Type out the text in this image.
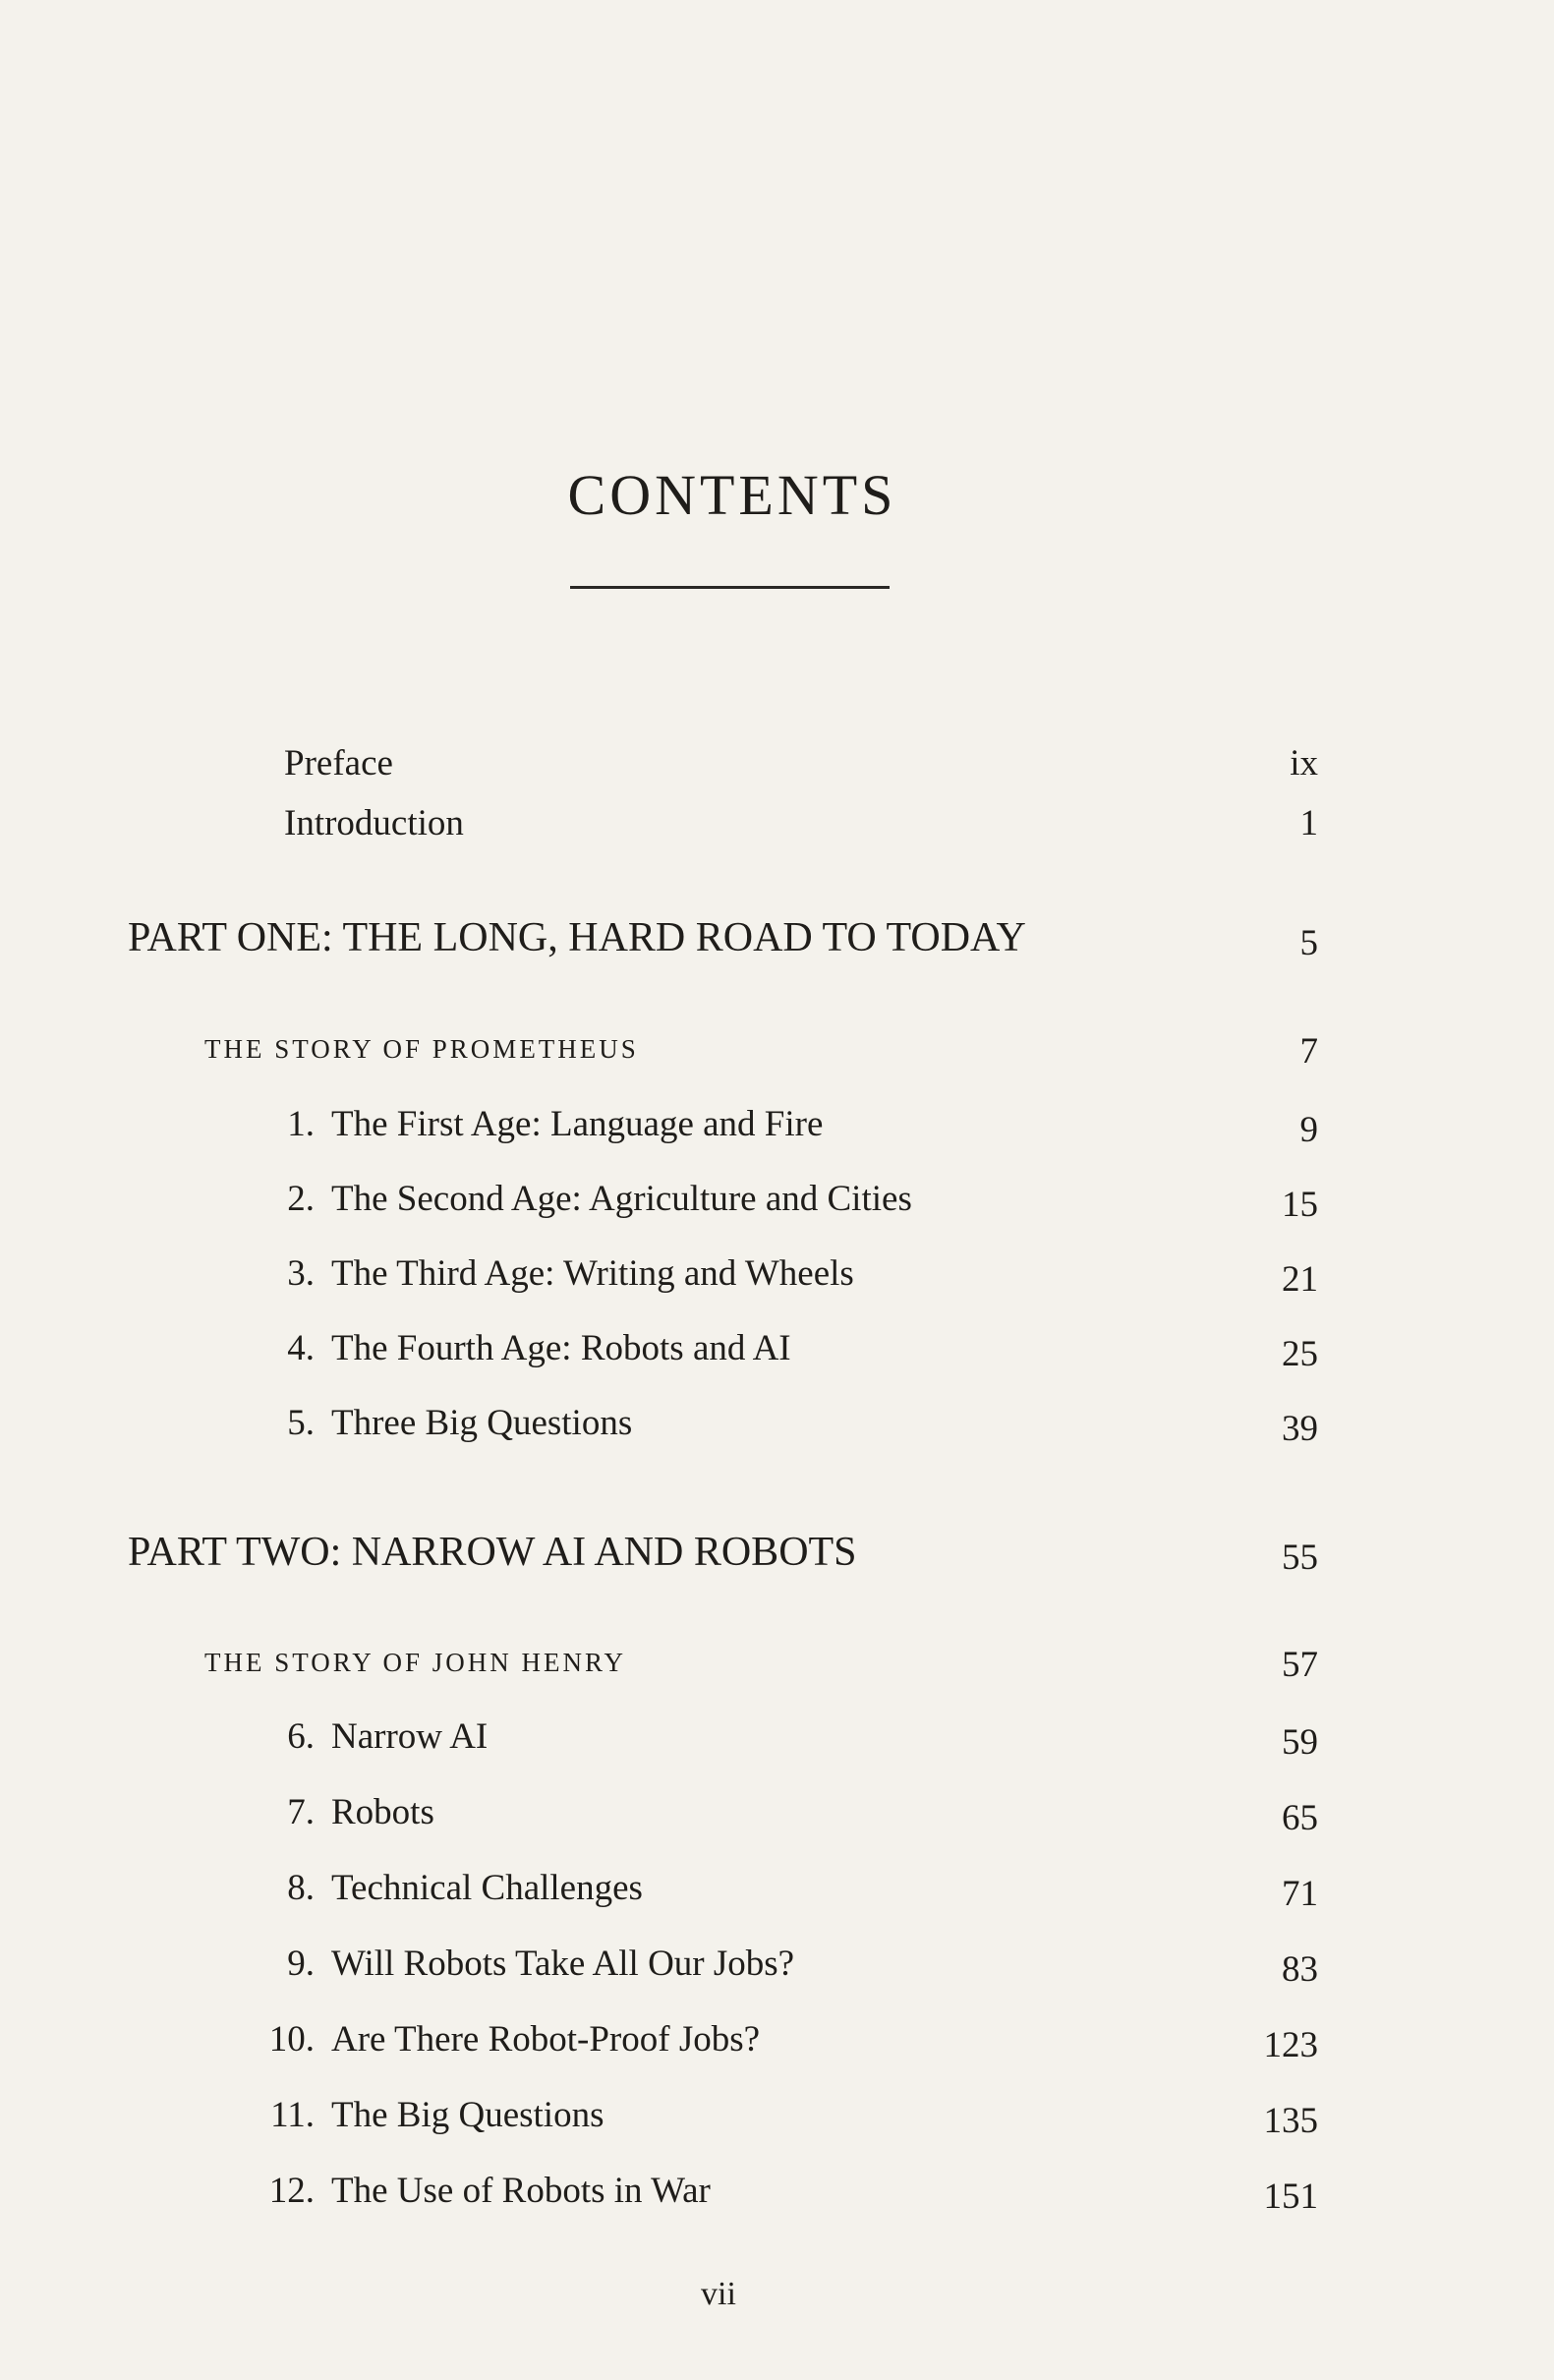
CONTENTS
Preface	ix
Introduction	1
PART ONE: THE LONG, HARD ROAD TO TODAY	5
THE STORY OF PROMETHEUS	7
1. The First Age: Language and Fire	9
2. The Second Age: Agriculture and Cities	15
3. The Third Age: Writing and Wheels	21
4. The Fourth Age: Robots and AI	25
5. Three Big Questions	39
PART TWO: NARROW AI AND ROBOTS	55
THE STORY OF JOHN HENRY	57
6. Narrow AI	59
7. Robots	65
8. Technical Challenges	71
9. Will Robots Take All Our Jobs?	83
10. Are There Robot-Proof Jobs?	123
11. The Big Questions	135
12. The Use of Robots in War	151
vii
